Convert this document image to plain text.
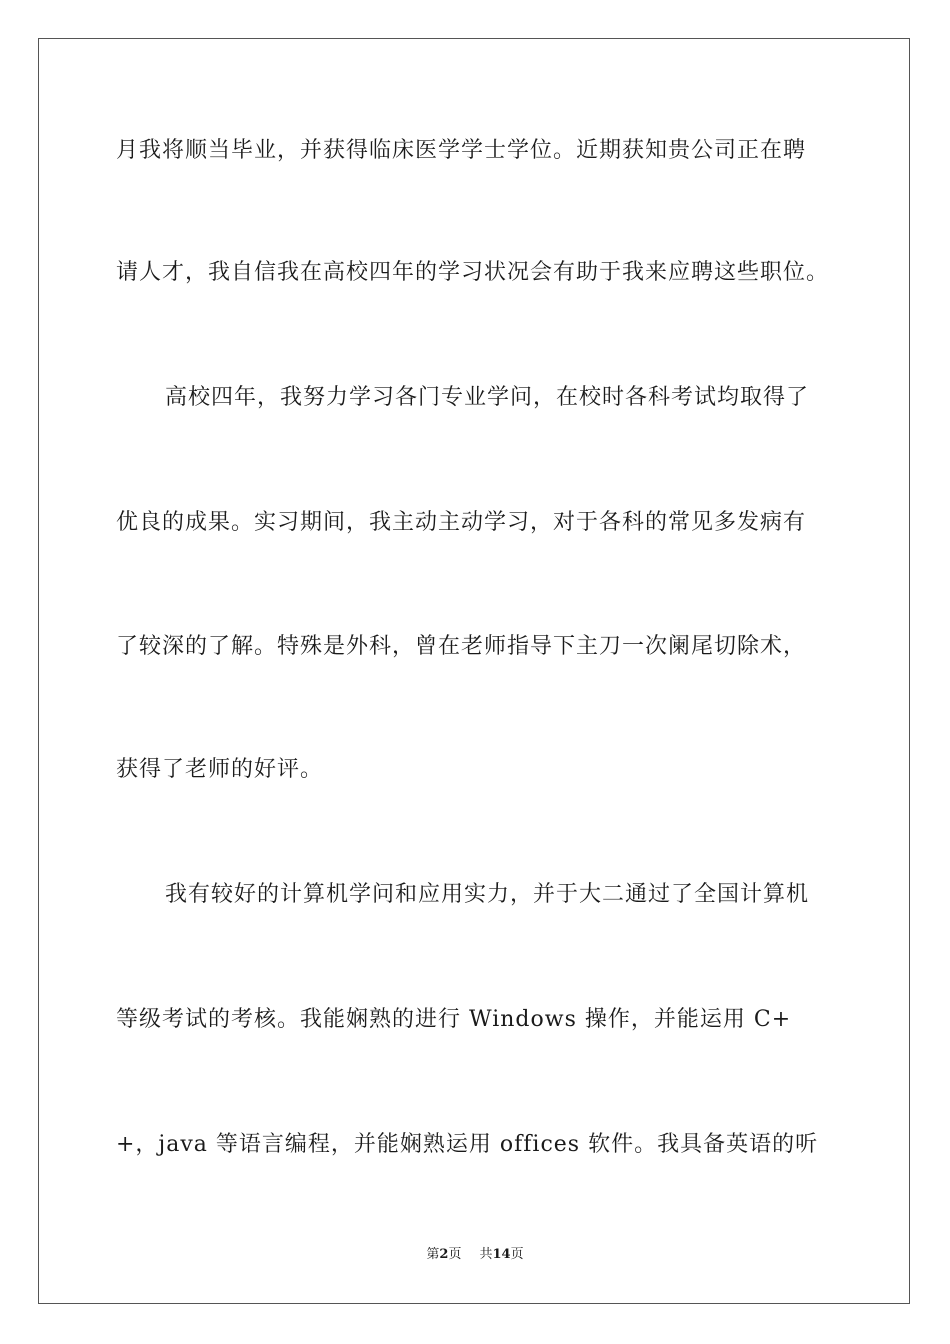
月我将顺当毕业，并获得临床医学学士学位。近期获知贵公司正在聘
请人才，我自信我在高校四年的学习状况会有助于我来应聘这些职位。
高校四年，我努力学习各门专业学问，在校时各科考试均取得了
优良的成果。实习期间，我主动主动学习，对于各科的常见多发病有
了较深的了解。特殊是外科，曾在老师指导下主刀一次阑尾切除术，
获得了老师的好评。
我有较好的计算机学问和应用实力，并于大二通过了全国计算机
等级考试的考核。我能娴熟的进行 Windows 操作，并能运用 C+
+，java 等语言编程，并能娴熟运用 offices 软件。我具备英语的听
第2页 共14页
